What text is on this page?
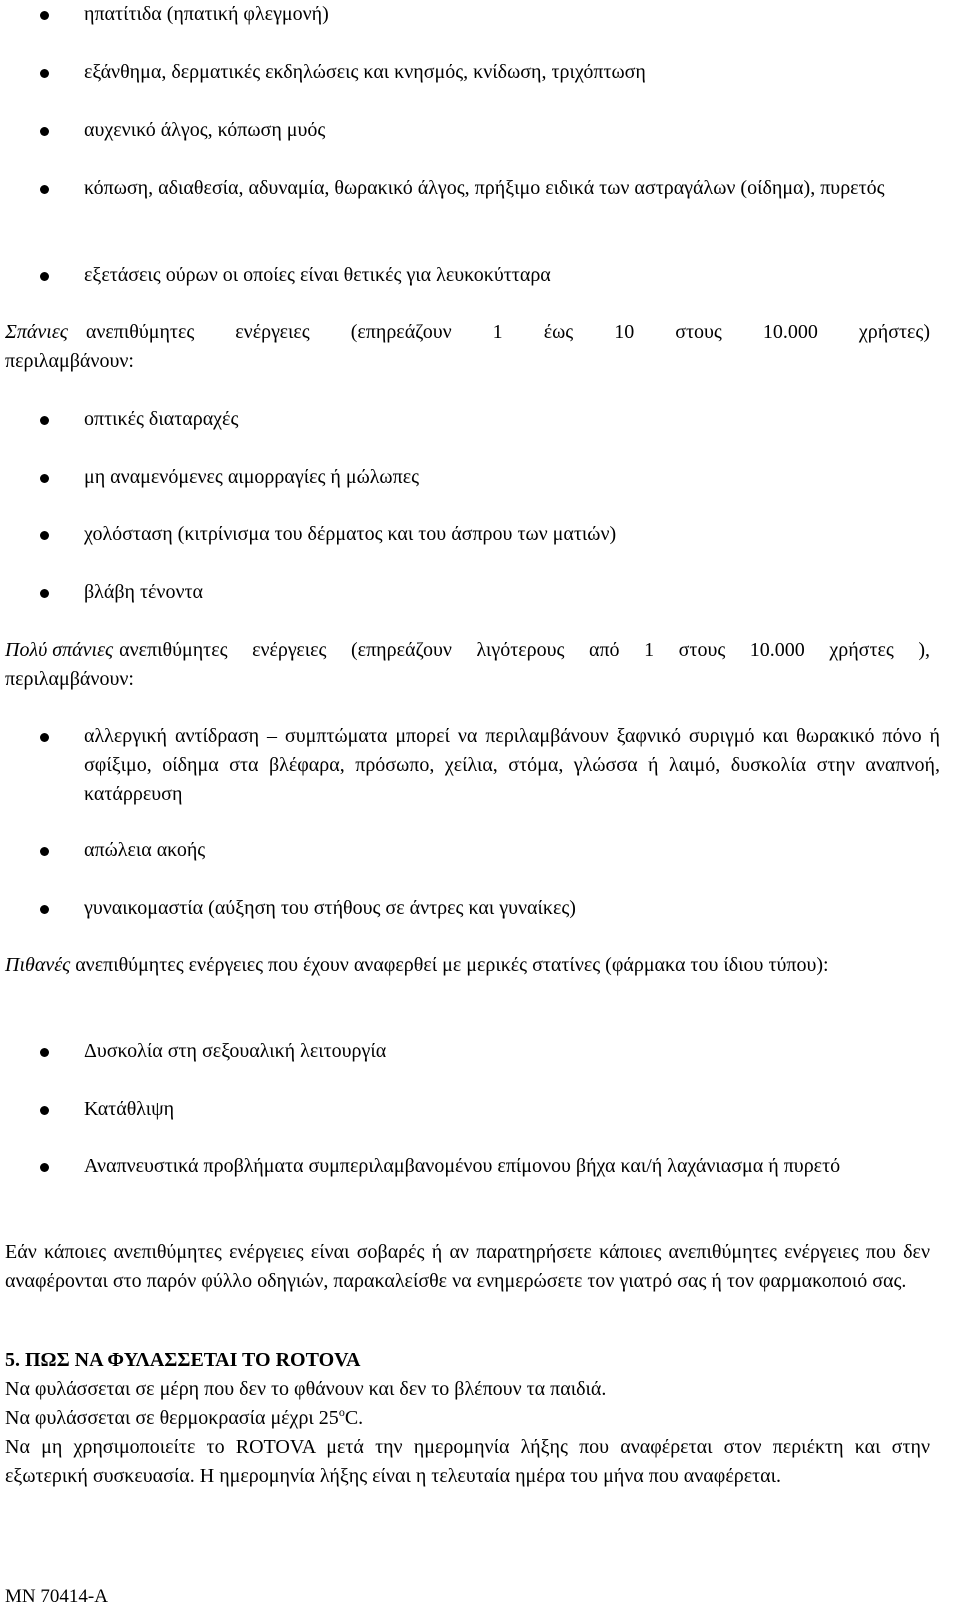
ηπατίτιδα (ηπατική φλεγμονή)
εξάνθημα, δερματικές εκδηλώσεις και κνησμός, κνίδωση, τριχόπτωση
αυχενικό άλγος, κόπωση μυός
κόπωση, αδιαθεσία, αδυναμία, θωρακικό άλγος, πρήξιμο ειδικά των αστραγάλων (οίδημα), πυρετός
εξετάσεις ούρων οι οποίες είναι θετικές για λευκοκύτταρα
Σπάνιες ανεπιθύμητες ενέργειες (επηρεάζουν 1 έως 10 στους 10.000 χρήστες)
περιλαμβάνουν:
οπτικές διαταραχές
μη αναμενόμενες αιμορραγίες ή μώλωπες
χολόσταση (κιτρίνισμα του δέρματος και του άσπρου των ματιών)
βλάβη τένοντα
Πολύ σπάνιες ανεπιθύμητες ενέργειες (επηρεάζουν λιγότερους από 1 στους 10.000 χρήστες ),
περιλαμβάνουν:
αλλεργική αντίδραση – συμπτώματα μπορεί να περιλαμβάνουν ξαφνικό συριγμό και θωρακικό πόνο ή σφίξιμο, οίδημα στα βλέφαρα, πρόσωπο, χείλια, στόμα, γλώσσα ή λαιμό, δυσκολία στην αναπνοή, κατάρρευση
απώλεια ακοής
γυναικομαστία (αύξηση του στήθους σε άντρες και γυναίκες)
Πιθανές ανεπιθύμητες ενέργειες που έχουν αναφερθεί με μερικές στατίνες (φάρμακα του ίδιου τύπου):
Δυσκολία στη σεξουαλική λειτουργία
Κατάθλιψη
Αναπνευστικά προβλήματα συμπεριλαμβανομένου επίμονου βήχα και/ή λαχάνιασμα ή πυρετό
Εάν κάποιες ανεπιθύμητες ενέργειες είναι σοβαρές ή αν παρατηρήσετε κάποιες ανεπιθύμητες ενέργειες που δεν αναφέρονται στο παρόν φύλλο οδηγιών, παρακαλείσθε να ενημερώσετε τον γιατρό σας ή τον φαρμακοποιό σας.
5. ΠΩΣ ΝΑ ΦΥΛΑΣΣΕΤΑΙ ΤΟ ROTOVA
Να φυλάσσεται σε μέρη που δεν το φθάνουν και δεν το βλέπουν τα παιδιά.
Να φυλάσσεται σε θερμοκρασία μέχρι $25^oC$.
Να μη χρησιμοποιείτε το ROTOVA μετά την ημερομηνία λήξης που αναφέρεται στον περιέκτη και στην εξωτερική συσκευασία. Η ημερομηνία λήξης είναι η τελευταία ημέρα του μήνα που αναφέρεται.
MN 70414-A
